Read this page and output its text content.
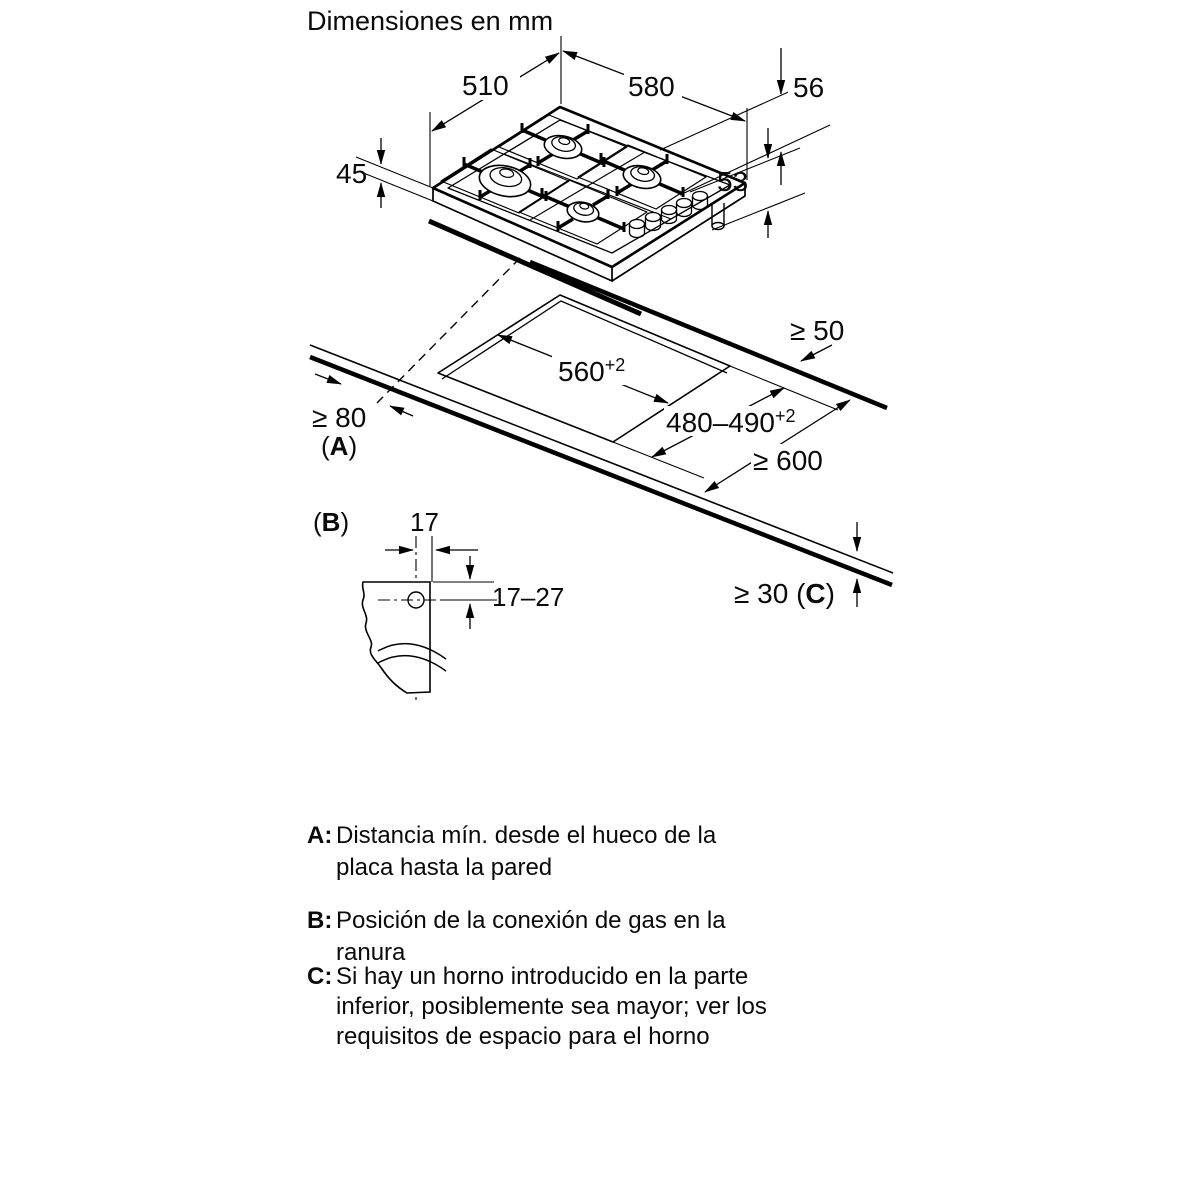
Dimensiones en mm
510	580	56
45	53
$560^{+2}$
$480-490^{+2}$
≥ 50
≥ 80
(A)	≥ 600
≥ 30 (C)
(B) 17
17–27
A: Distancia mín. desde el hueco de la
placa hasta la pared
B: Posición de la conexión de gas en la
ranura
C: Si hay un horno introducido en la parte
inferior, posiblemente sea mayor; ver los
requisitos de espacio para el horno
